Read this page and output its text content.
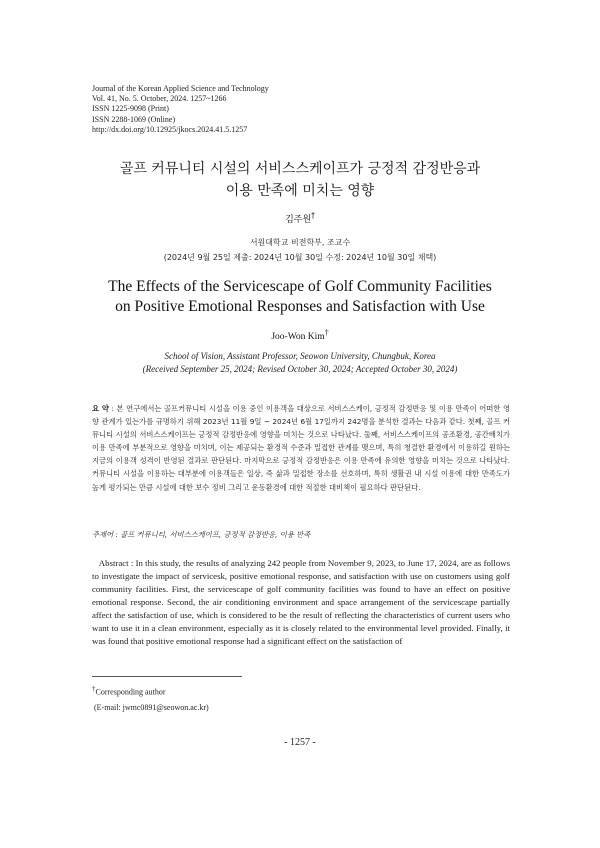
Journal of the Korean Applied Science and Technology
Vol. 41, No. 5. October, 2024. 1257~1266
ISSN 1225-9098 (Print)
ISSN 2288-1069 (Online)
http://dx.doi.org/10.12925/jkocs.2024.41.5.1257
골프 커뮤니티 시설의 서비스스케이프가 긍정적 감정반응과
이용 만족에 미치는 영향
김주원†
서원대학교 비전학부, 조교수
(2024년 9월 25일 제출: 2024년 10월 30일 수정: 2024년 10월 30일 채택)
The Effects of the Servicescape of Golf Community Facilities
on Positive Emotional Responses and Satisfaction with Use
Joo-Won Kim†
School of Vision, Assistant Professor, Seowon University, Chungbuk, Korea
(Received September 25, 2024; Revised October 30, 2024; Accepted October 30, 2024)
요 약 : 본 연구에서는 골프커뮤니티 시설을 이용 중인 이용객을 대상으로 서비스스케이, 긍정적 감정반응 및 이용 만족이 어떠한 영향 관계가 있는가를 규명하기 위해 2023년 11월 9일 ~ 2024년 6월 17일까지 242명을 분석한 결과는 다음과 같다. 첫째, 골프 커뮤니티 시설의 서비스스케이프는 긍정적 감정반응에 영향을 미치는 것으로 나타났다. 둘째, 서비스스케이프의 공조환경, 공간배치가 이용 만족에 부분적으로 영향을 미치며, 이는 제공되는 환경적 수준과 밀접한 관계를 맺으며, 특히 청결한 환경에서 이용하길 원하는 지금의 이용객 성격이 반영된 결과로 판단된다. 마지막으로 긍정적 감정반응은 이용 만족에 유의한 영향을 미치는 것으로 나타났다. 커뮤니티 시설을 이용하는 대부분에 이용객들은 일상, 즉 삶과 밀접한 장소를 선호하며, 특히 생활권 내 시설 이용에 대한 만족도가 높게 평가되는 만큼 시설에 대한 보수 정비 그리고 운동환경에 대한 적절한 대비책이 필요하다 판단된다.
주제어 : 골프 커뮤니티, 서비스스케이프, 긍정적 감정반응, 이용 만족
Abstract : In this study, the results of analyzing 242 people from November 9, 2023, to June 17, 2024, are as follows to investigate the impact of servicesk, positive emotional response, and satisfaction with use on customers using golf community facilities. First, the servicescape of golf community facilities was found to have an effect on positive emotional response. Second, the air conditioning environment and space arrangement of the servicescape partially affect the satisfaction of use, which is considered to be the result of reflecting the characteristics of current users who want to use it in a clean environment, especially as it is closely related to the environmental level provided. Finally, it was found that positive emotional response had a significant effect on the satisfaction of
†Corresponding author
(E-mail: jwmc0891@seowon.ac.kr)
- 1257 -
